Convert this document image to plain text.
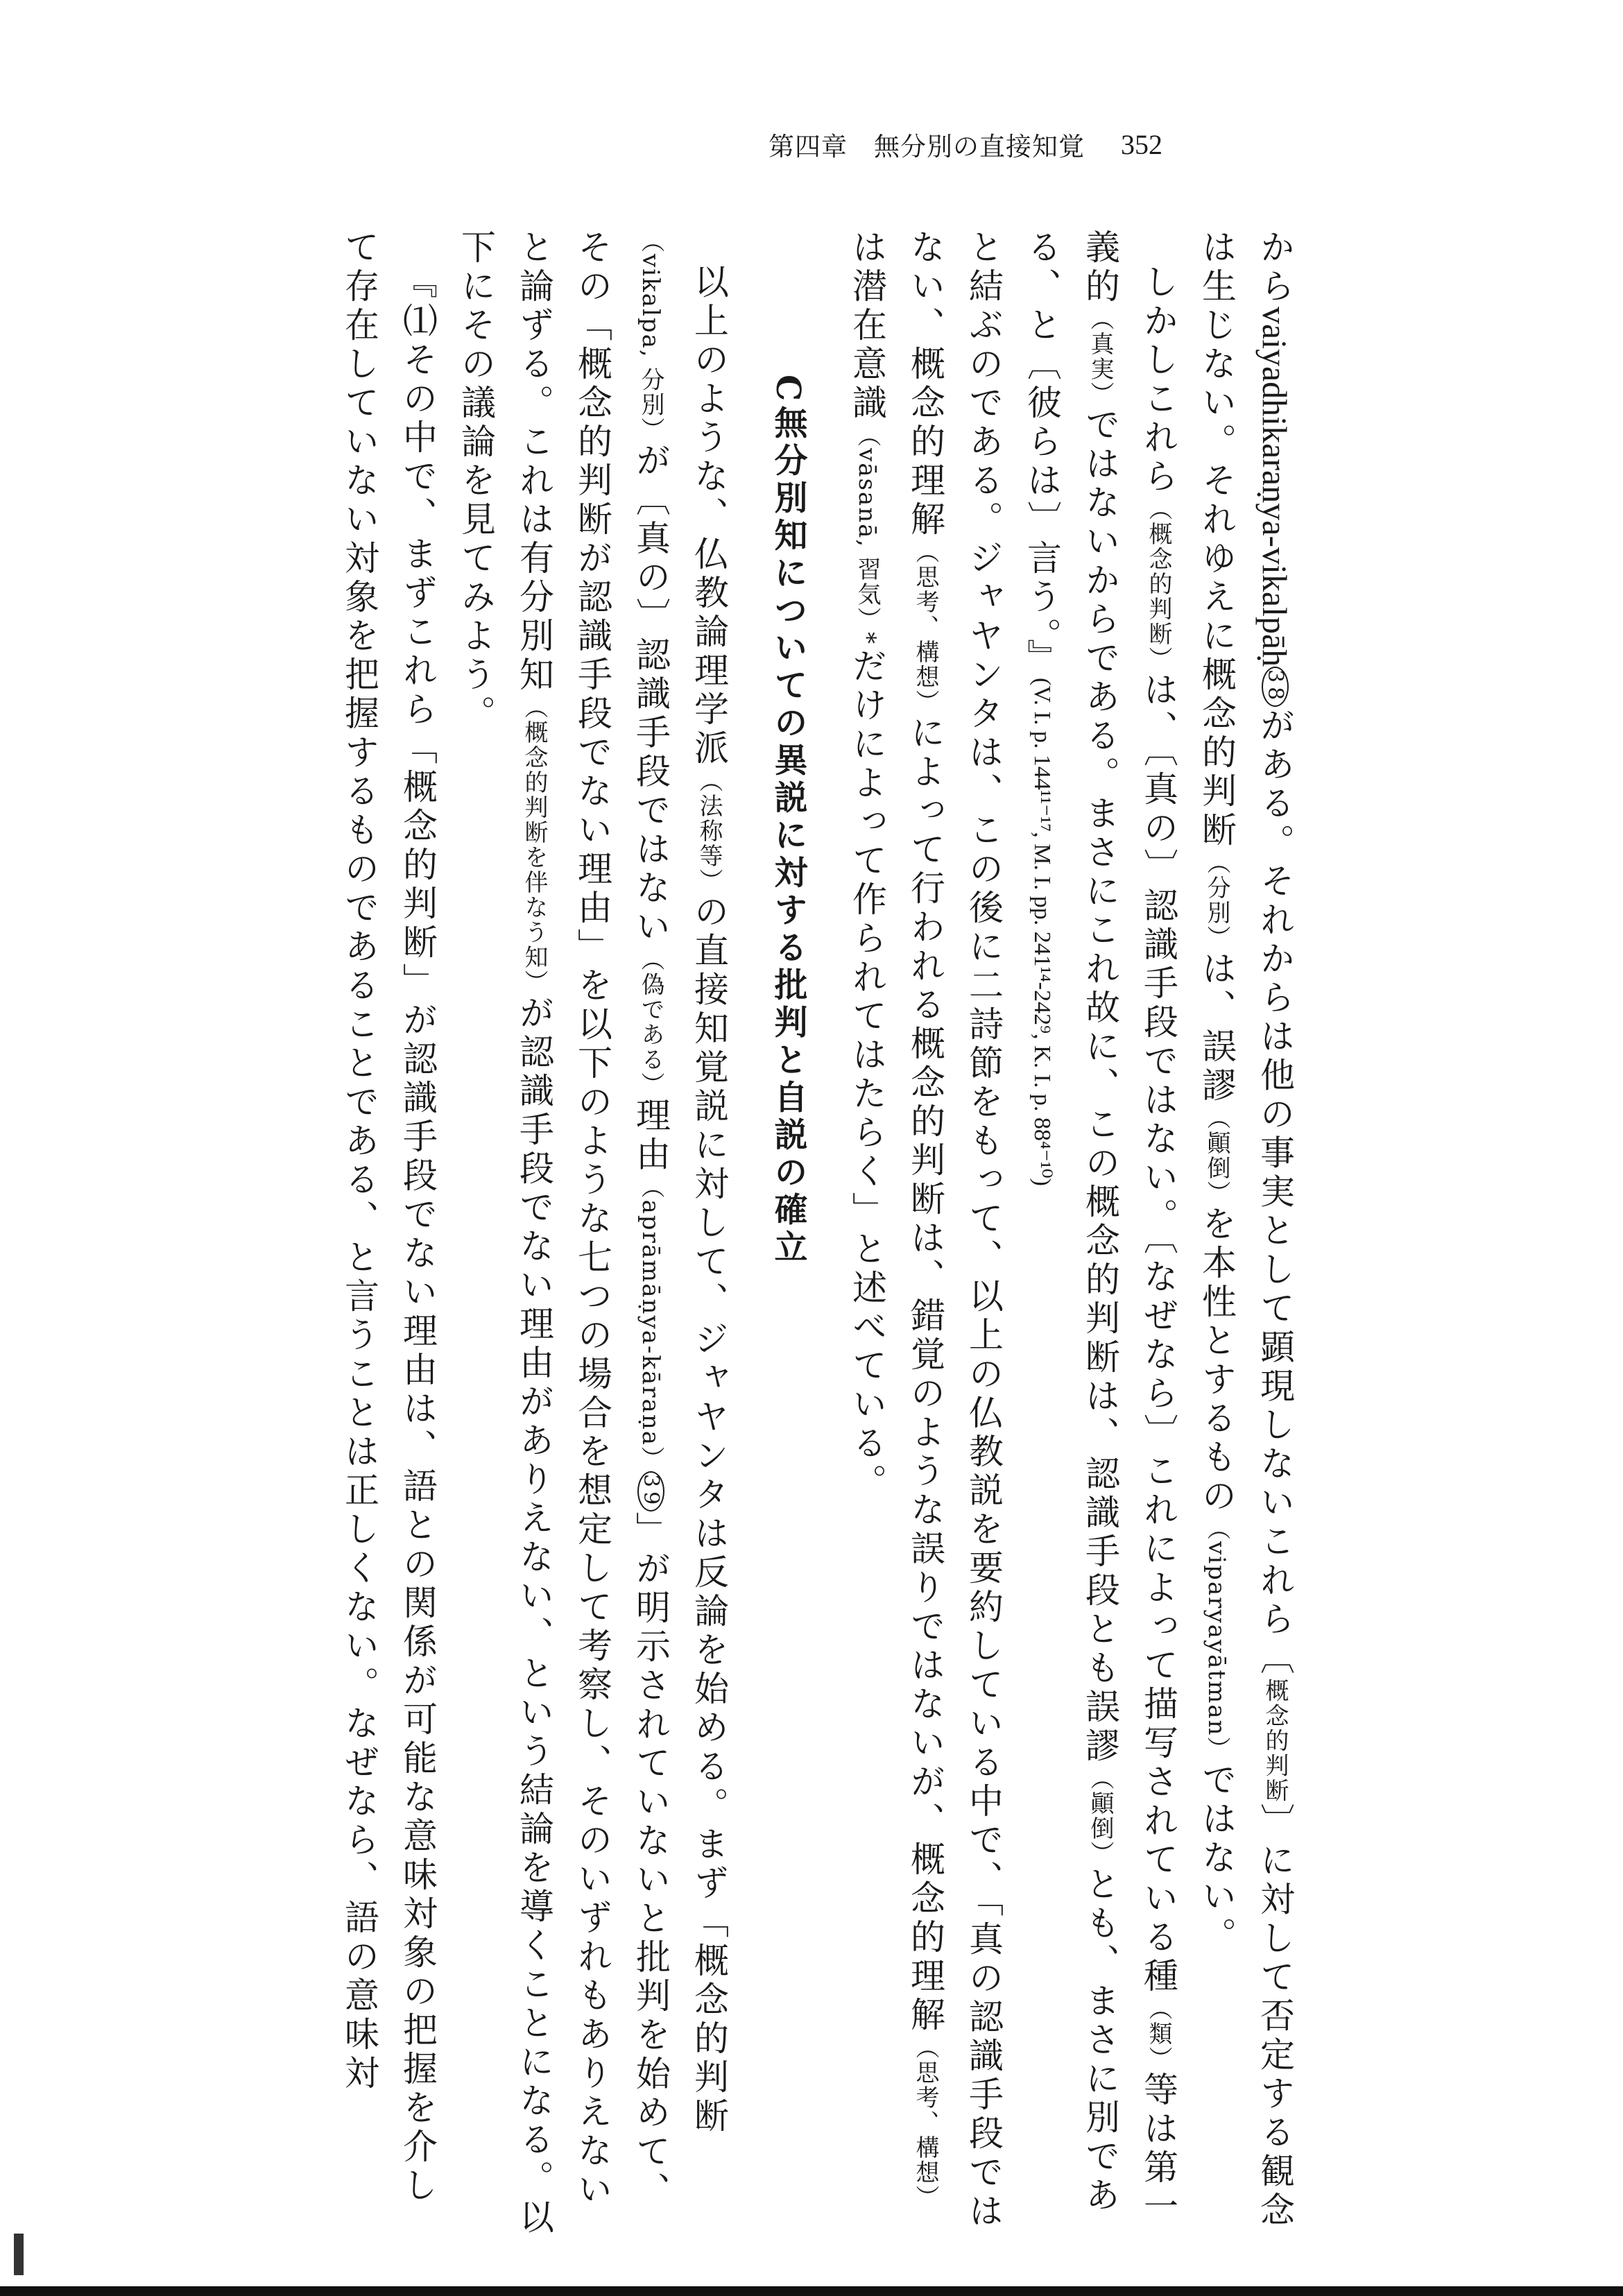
第四章　無分別の直接知覚 352

からvaiyadhikaraṇya-vikalpāḥ38がある。それからは他の事実として顕現しないこれら〔概念的判断〕に対して否定する観念は生じない。それゆえに概念的判断（分別）は、誤謬（顚倒）を本性とするもの（viparyayātman）ではない。

しかしこれら（概念的判断）は、〔真の〕認識手段ではない。〔なぜなら〕これによって描写されている種（類）等は第一義的（真実）ではないからである。まさにこれ故に、この概念的判断は、認識手段とも誤謬（顚倒）とも、まさに別である、と〔彼らは〕言う。』(V. I. p. 144¹¹⁻¹⁷, M. I. pp. 241¹⁴-242⁹, K. I. p. 88⁴⁻¹⁰)

と結ぶのである。ジャヤンタは、この後に二詩節をもって、以上の仏教説を要約している中で、「真の認識手段ではない、概念的理解（思考、構想）によって行われる概念的判断は、錯覚のような誤りではないが、概念的理解（思考、構想）は潜在意識（vāsanā, 習気）*だけによって作られてはたらく」と述べている。

C無分別知についての異説に対する批判と自説の確立

以上のような、仏教論理学派（法称等）の直接知覚説に対して、ジャヤンタは反論を始める。まず「概念的判断（vikalpa, 分別）が〔真の〕認識手段ではない（偽である）理由（aprāmāṇya-kāraṇa）39」が明示されていないと批判を始めて、その「概念的判断が認識手段でない理由」を以下のような七つの場合を想定して考察し、そのいずれもありえないと論ずる。これは有分別知（概念的判断を伴なう知）が認識手段でない理由がありえない、という結論を導くことになる。以下にその議論を見てみよう。

『⑴その中で、まずこれら「概念的判断」が認識手段でない理由は、語との関係が可能な意味対象の把握を介して存在していない対象を把握するものであることである、と言うことは正しくない。なぜなら、語の意味対
